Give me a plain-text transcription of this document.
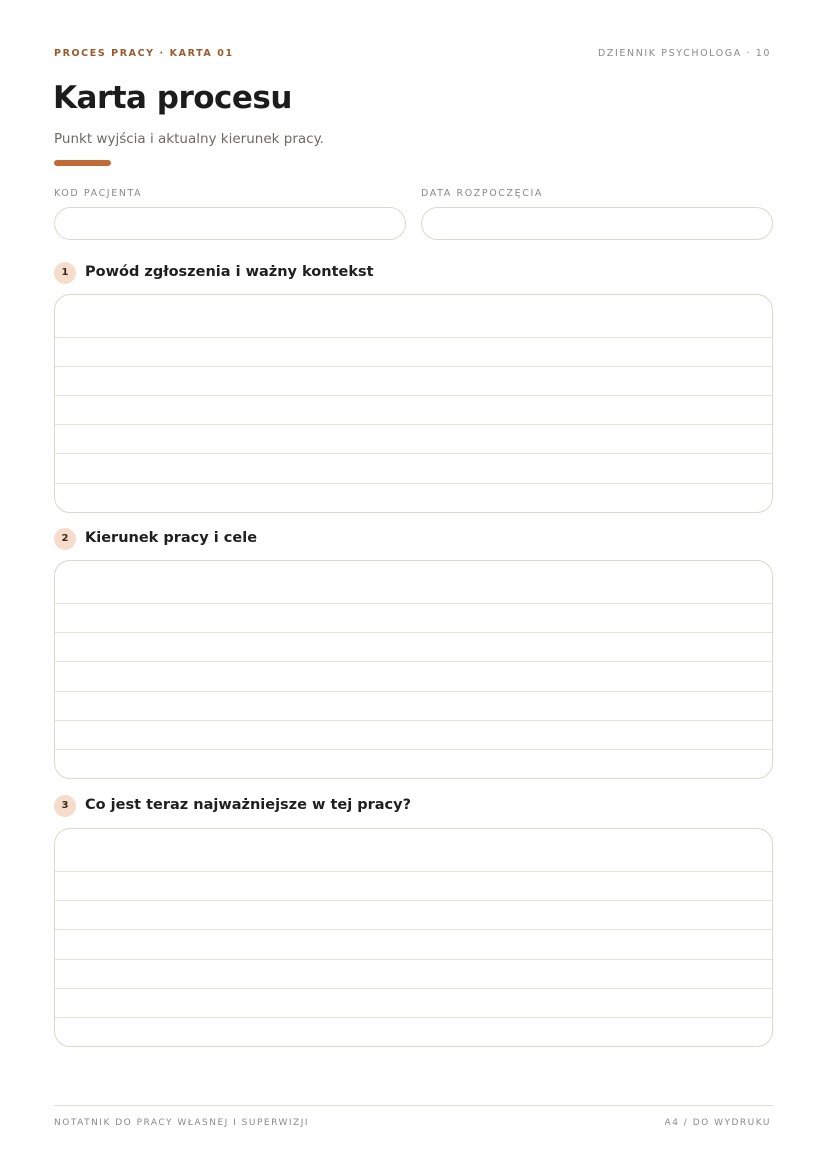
PROCES PRACY · KARTA 01	DZIENNIK PSYCHOLOGA · 10
Karta procesu
Punkt wyjścia i aktualny kierunek pracy.
KOD PACJENTA	DATA ROZPOCZĘCIA
1	Powód zgłoszenia i ważny kontekst
2	Kierunek pracy i cele
3	Co jest teraz najważniejsze w tej pracy?
NOTATNIK DO PRACY WŁASNEJ I SUPERWIZJI	A4 / DO WYDRUKU
